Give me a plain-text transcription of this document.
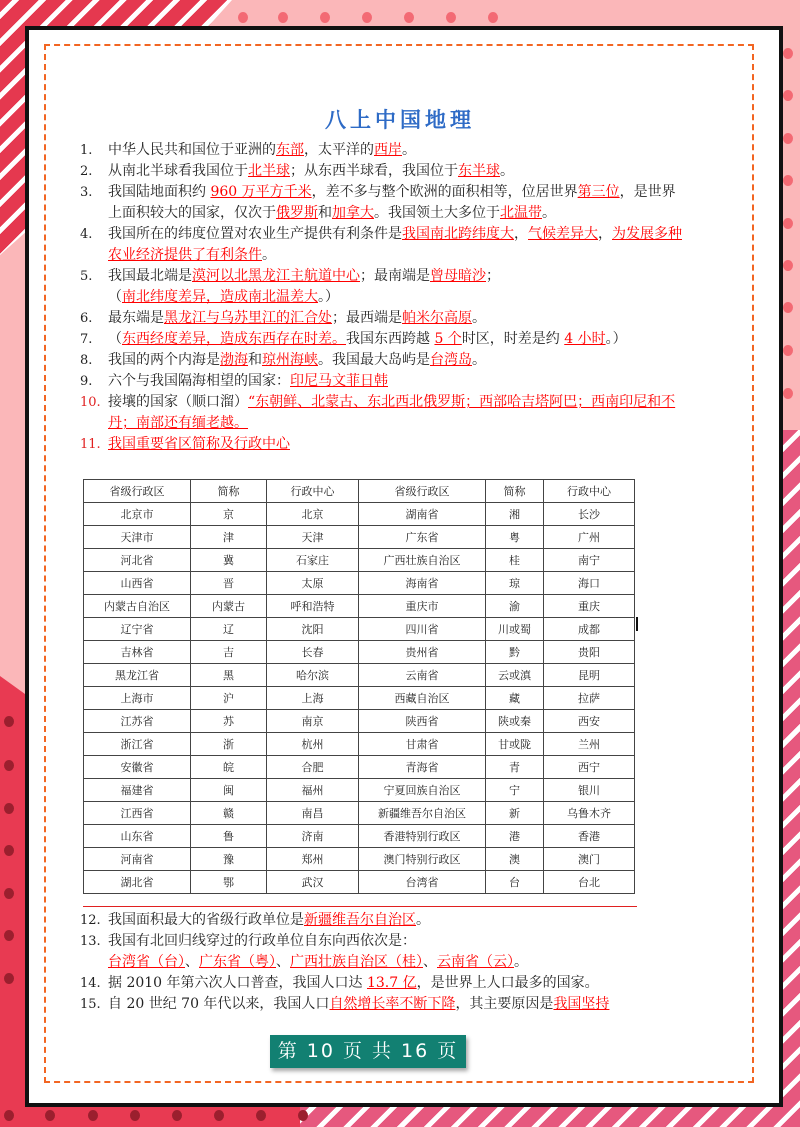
八上中国地理
1. 中华人民共和国位于亚洲的东部，太平洋的西岸。
2. 从南北半球看我国位于北半球；从东西半球看，我国位于东半球。
3. 我国陆地面积约 960 万平方千米，差不多与整个欧洲的面积相等，位居世界第三位，是世界上面积较大的国家，仅次于俄罗斯和加拿大。我国领土大多位于北温带。
4. 我国所在的纬度位置对农业生产提供有利条件是我国南北跨纬度大，气候差异大，为发展多种农业经济提供了有利条件。
5. 我国最北端是漠河以北黑龙江主航道中心；最南端是曾母暗沙；
（南北纬度差异，造成南北温差大。）
6. 最东端是黑龙江与乌苏里江的汇合处；最西端是帕米尔高原。
7. （东西经度差异，造成东西存在时差。我国东西跨越 5 个时区，时差是约 4 小时。）
8. 我国的两个内海是渤海和琼州海峡。我国最大岛屿是台湾岛。
9. 六个与我国隔海相望的国家：印尼马文菲日韩
10. 接壤的国家（顺口溜）“东朝鲜、北蒙古、东北西北俄罗斯；西部哈吉塔阿巴；西南印尼和不丹；南部还有缅老越。
11. 我国重要省区简称及行政中心
省级行政区	简称	行政中心	省级行政区	简称	行政中心
北京市	京	北京	湖南省	湘	长沙
天津市	津	天津	广东省	粤	广州
河北省	冀	石家庄	广西壮族自治区	桂	南宁
山西省	晋	太原	海南省	琼	海口
内蒙古自治区	内蒙古	呼和浩特	重庆市	渝	重庆
辽宁省	辽	沈阳	四川省	川或蜀	成都
吉林省	吉	长春	贵州省	黔	贵阳
黑龙江省	黑	哈尔滨	云南省	云或滇	昆明
上海市	沪	上海	西藏自治区	藏	拉萨
江苏省	苏	南京	陕西省	陕或秦	西安
浙江省	浙	杭州	甘肃省	甘或陇	兰州
安徽省	皖	合肥	青海省	青	西宁
福建省	闽	福州	宁夏回族自治区	宁	银川
江西省	赣	南昌	新疆维吾尔自治区	新	乌鲁木齐
山东省	鲁	济南	香港特别行政区	港	香港
河南省	豫	郑州	澳门特别行政区	澳	澳门
湖北省	鄂	武汉	台湾省	台	台北
12. 我国面积最大的省级行政单位是新疆维吾尔自治区。
13. 我国有北回归线穿过的行政单位自东向西依次是：
台湾省（台）、广东省（粤）、广西壮族自治区（桂）、云南省（云）。
14. 据 2010 年第六次人口普查，我国人口达 13.7 亿，是世界上人口最多的国家。
15. 自 20 世纪 70 年代以来，我国人口自然增长率不断下降，其主要原因是我国坚持
第 10 页 共 16 页
